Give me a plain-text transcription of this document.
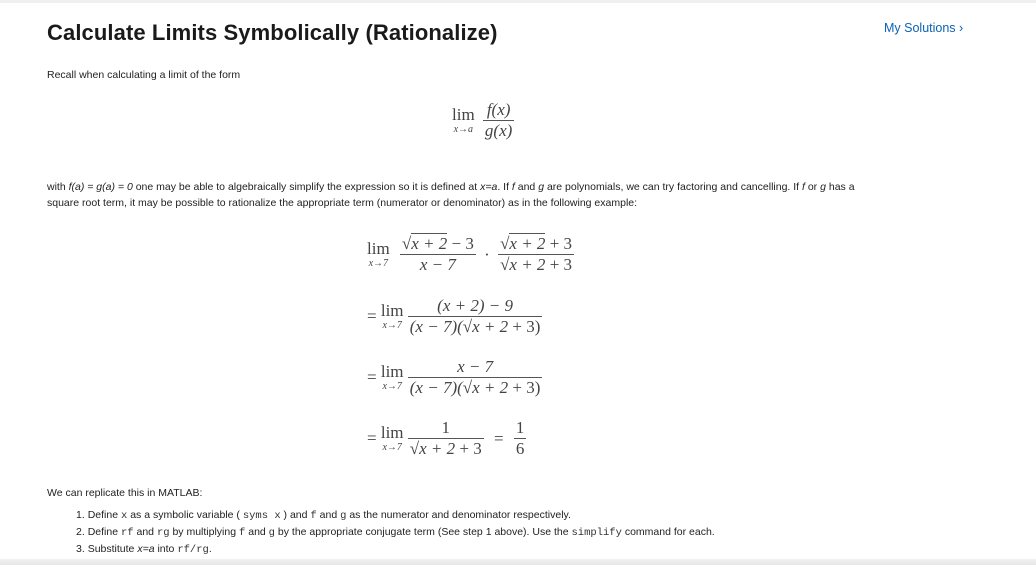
Calculate Limits Symbolically (Rationalize)	My Solutions ›
Recall when calculating a limit of the form
lim
x→a
$\frac{f(x)}{g(x)}$
with f(a) = g(a) = 0 one may be able to algebraically simplify the expression so it is defined at x=a. If f and g are polynomials, we can try factoring and cancelling. If f or g has a
square root term, it may be possible to rationalize the appropriate term (numerator or denominator) as in the following example:
lim
x→7
$\frac{√x + 2 - 3}{x - 7} \cdot \frac{√x + 2 + 3}{√x + 2 + 3}$
= lim
x→7
$\frac{(x + 2) - 9}{(x - 7)(√x + 2 + 3)}$
= lim
x→7
$\frac{x - 7}{(x - 7)(√x + 2 + 3)}$
= lim
x→7
$\frac{1}{√x + 2 + 3} = \frac{1}{6}$
We can replicate this in MATLAB:
1. Define x as a symbolic variable ( syms x ) and f and g as the numerator and denominator respectively.
2. Define rf and rg by multiplying f and g by the appropriate conjugate term (See step 1 above). Use the simplify command for each.
3. Substitute x=a into rf/rg.
